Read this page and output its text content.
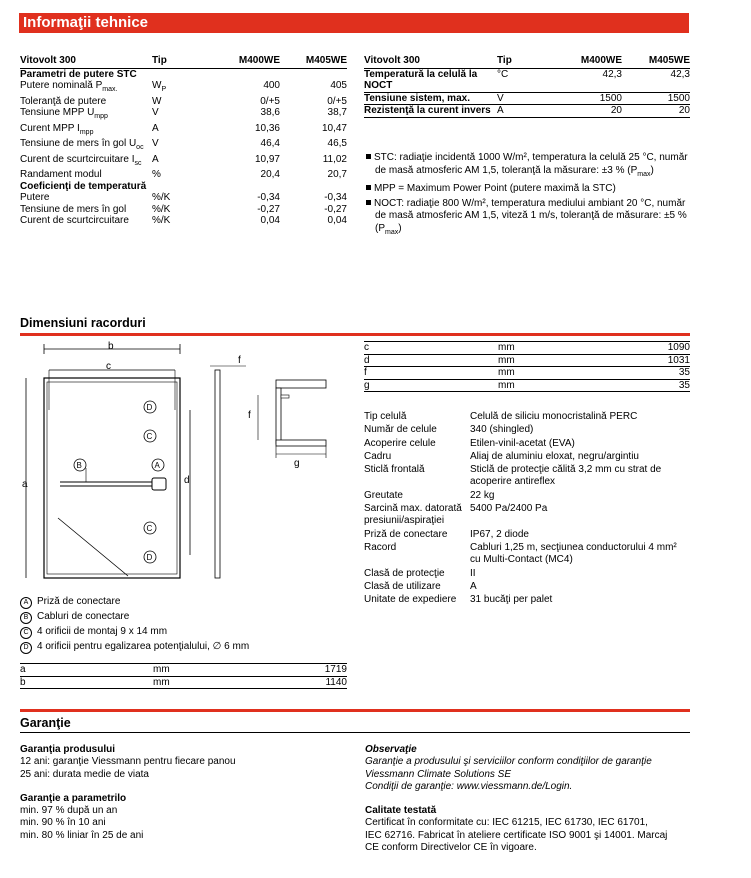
Informaţii tehnice
Vitovolt 300	Tip	M400WE	M405WE
Parametri de putere STC			
Putere nominală $P_{max.}$	$W_P$	400	405
Toleranţă de putere	W	0/+5	0/+5
Tensiune MPP $U_{mpp}$	V	38,6	38,7
Curent MPP $I_{mpp}$	A	10,36	10,47
Tensiune de mers în gol $U_{oc}$	V	46,4	46,5
Curent de scurtcircuitare $I_{sc}$	A	10,97	11,02
Randament modul	%	20,4	20,7
Coeficienţi de temperatură			
Putere	%/K	-0,34	-0,34
Tensiune de mers în gol	%/K	-0,27	-0,27
Curent de scurtcircuitare	%/K	0,04	0,04
Vitovolt 300	Tip	M400WE	M405WE
Temperatură la celulă la NOCT	°C	42,3	42,3
Tensiune sistem, max.	V	1500	1500
Rezistenţă la curent invers	A	20	20
STC: radiaţie incidentă 1000 W/m², temperatura la celulă 25 °C, număr de masă atmosferic AM 1,5, toleranţă la măsurare: ±3 % $(P_{max})$
MPP = Maximum Power Point (putere maximă la STC)
NOCT: radiaţie 800 W/m², temperatura mediului ambiant 20 °C, număr de masă atmosferic AM 1,5, viteză 1 m/s, toleranţă de măsurare: ±5 % $(P_{max})$
Dimensiuni racorduri
b
c
a	d
D
C
B	A
C
D
f
f
g
A Priză de conectare
B Cabluri de conectare
C 4 orificii de montaj 9 x 14 mm
D 4 orificii pentru egalizarea potenţialului, ∅ 6 mm
a	mm	1719
b	mm	1140
c	mm	1090
d	mm	1031
f	mm	35
g	mm	35
Tip celulă	Celulă de siliciu monocristalină PERC
Număr de celule	340 (shingled)
Acoperire celule	Etilen-vinil-acetat (EVA)
Cadru	Aliaj de aluminiu eloxat, negru/argintiu
Sticlă frontală	Sticlă de protecţie călită 3,2 mm cu strat de acoperire antireflex
Greutate	22 kg
Sarcină max. datorată presiunii/aspiraţiei	5400 Pa/2400 Pa
Priză de conectare	IP67, 2 diode
Racord	Cabluri 1,25 m, secţiunea conductorului 4 mm² cu Multi-Contact (MC4)
Clasă de protecţie	II
Clasă de utilizare	A
Unitate de expediere	31 bucăţi per palet
Garanţie
Garanţia produsului
12 ani: garanţie Viessmann pentru fiecare panou
25 ani: durata medie de viata
Garanţie a parametrilo
min. 97 % după un an
min. 90 % în 10 ani
min. 80 % liniar în 25 de ani
Observaţie
Garanţie a produsului şi serviciilor conform condiţiilor de garanţie
Viessmann Climate Solutions SE
Condiţii de garanţie: www.viessmann.de/Login.
Calitate testată
Certificat în conformitate cu: IEC 61215, IEC 61730, IEC 61701,
IEC 62716. Fabricat în ateliere certificate ISO 9001 şi 14001. Marcaj
CE conform Directivelor CE în vigoare.
